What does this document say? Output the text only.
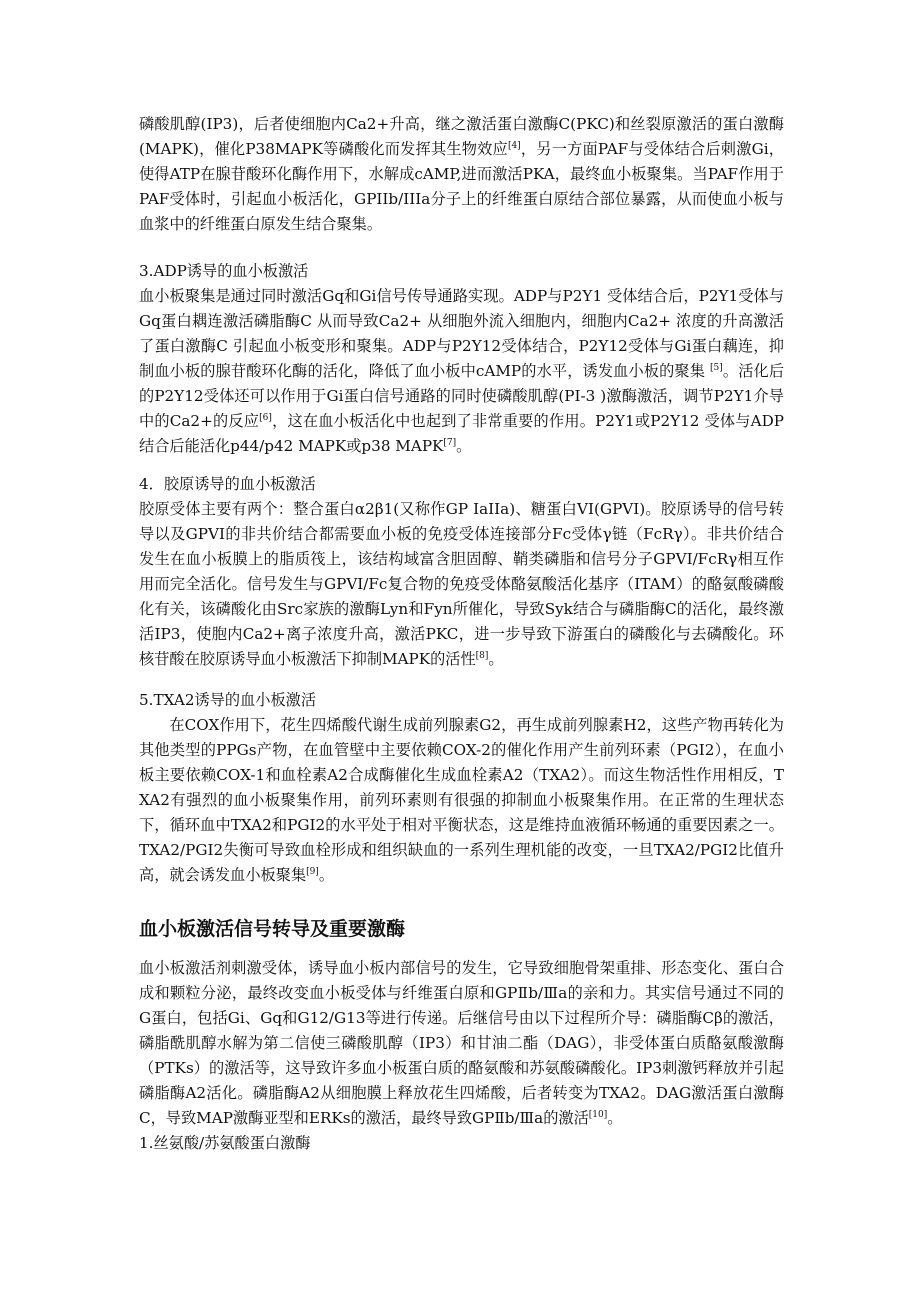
磷酸肌醇(IP3)，后者使细胞内Ca2+升高，继之激活蛋白激酶C(PKC)和丝裂原激活的蛋白激酶(MAPK)，催化P38MAPK等磷酸化而发挥其生物效应[4]，另一方面PAF与受体结合后刺激Gi，使得ATP在腺苷酸环化酶作用下，水解成cAMP,进而激活PKA，最终血小板聚集。当PAF作用于PAF受体时，引起血小板活化，GPIIb/IIIa分子上的纤维蛋白原结合部位暴露，从而使血小板与血浆中的纤维蛋白原发生结合聚集。

3.ADP诱导的血小板激活

血小板聚集是通过同时激活Gq和Gi信号传导通路实现。ADP与P2Y1 受体结合后，P2Y1受体与Gq蛋白耦连激活磷脂酶C 从而导致Ca2+ 从细胞外流入细胞内，细胞内Ca2+ 浓度的升高激活了蛋白激酶C 引起血小板变形和聚集。ADP与P2Y12受体结合，P2Y12受体与Gi蛋白藕连，抑制血小板的腺苷酸环化酶的活化，降低了血小板中cAMP的水平，诱发血小板的聚集 [5]。活化后的P2Y12受体还可以作用于Gi蛋白信号通路的同时使磷酸肌醇(PI-3 )激酶激活，调节P2Y1介导中的Ca2+的反应[6]，这在血小板活化中也起到了非常重要的作用。P2Y1或P2Y12 受体与ADP结合后能活化p44/p42 MAPK或p38 MAPK[7]。

4．胶原诱导的血小板激活

胶原受体主要有两个：整合蛋白α2β1(又称作GP IaIIa)、糖蛋白VI(GPVI)。胶原诱导的信号转导以及GPVI的非共价结合都需要血小板的免疫受体连接部分Fc受体γ链（FcRγ）。非共价结合发生在血小板膜上的脂质筏上，该结构域富含胆固醇、鞘类磷脂和信号分子GPVI/FcRγ相互作用而完全活化。信号发生与GPVI/Fc复合物的免疫受体酪氨酸活化基序（ITAM）的酪氨酸磷酸化有关，该磷酸化由Src家族的激酶Lyn和Fyn所催化，导致Syk结合与磷脂酶C的活化，最终激活IP3，使胞内Ca2+离子浓度升高，激活PKC，进一步导致下游蛋白的磷酸化与去磷酸化。环核苷酸在胶原诱导血小板激活下抑制MAPK的活性[8]。

5.TXA2诱导的血小板激活

在COX作用下，花生四烯酸代谢生成前列腺素G2，再生成前列腺素H2，这些产物再转化为其他类型的PPGs产物，在血管壁中主要依赖COX-2的催化作用产生前列环素（PGI2），在血小板主要依赖COX-1和血栓素A2合成酶催化生成血栓素A2（TXA2）。而这生物活性作用相反，TXA2有强烈的血小板聚集作用，前列环素则有很强的抑制血小板聚集作用。在正常的生理状态下，循环血中TXA2和PGI2的水平处于相对平衡状态，这是维持血液循环畅通的重要因素之一。TXA2/PGI2失衡可导致血栓形成和组织缺血的一系列生理机能的改变，一旦TXA2/PGI2比值升高，就会诱发血小板聚集[9]。

血小板激活信号转导及重要激酶

血小板激活剂刺激受体，诱导血小板内部信号的发生，它导致细胞骨架重排、形态变化、蛋白合成和颗粒分泌，最终改变血小板受体与纤维蛋白原和GPⅡb/Ⅲa的亲和力。其实信号通过不同的G蛋白，包括Gi、Gq和G12/G13等进行传递。后继信号由以下过程所介导：磷脂酶Cβ的激活，磷脂酰肌醇水解为第二信使三磷酸肌醇（IP3）和甘油二酯（DAG），非受体蛋白质酪氨酸激酶（PTKs）的激活等，这导致许多血小板蛋白质的酪氨酸和苏氨酸磷酸化。IP3刺激钙释放并引起磷脂酶A2活化。磷脂酶A2从细胞膜上释放花生四烯酸，后者转变为TXA2。DAG激活蛋白激酶C，导致MAP激酶亚型和ERKs的激活，最终导致GPⅡb/Ⅲa的激活[10]。

1.丝氨酸/苏氨酸蛋白激酶
